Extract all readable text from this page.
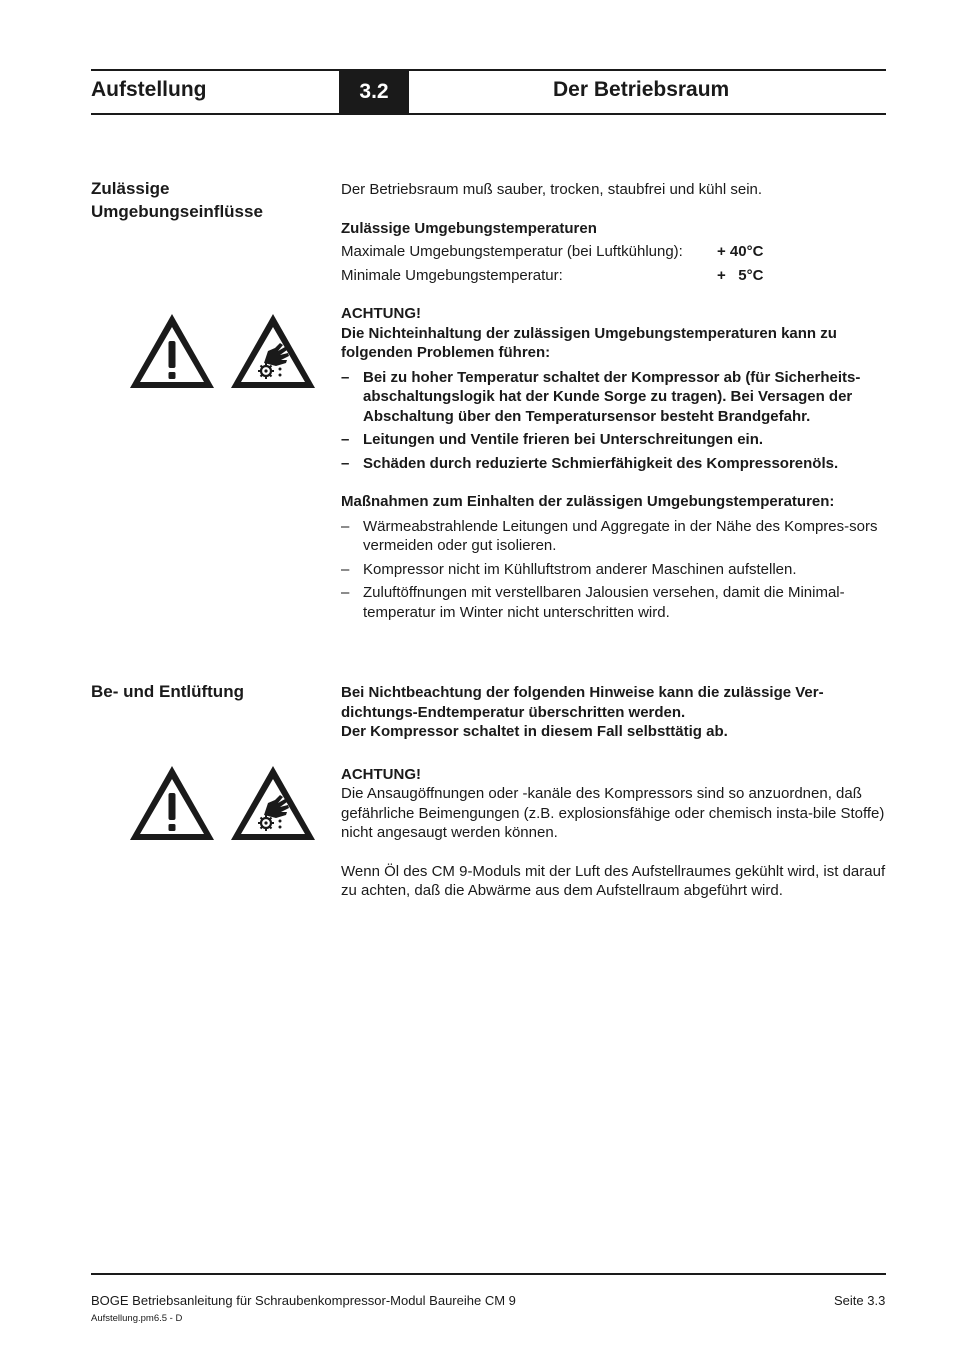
Aufstellung	3.2	Der Betriebsraum
Zulässige
Umgebungseinflüsse
Der Betriebsraum muß sauber, trocken, staubfrei und kühl sein.
Zulässige Umgebungstemperaturen
Maximale Umgebungstemperatur (bei Luftkühlung):	+ 40°C
Minimale Umgebungstemperatur:	+   5°C
ACHTUNG!
Die Nichteinhaltung der zulässigen Umgebungstemperaturen kann zu folgenden Problemen führen:
– Bei zu hoher Temperatur schaltet der Kompressor ab (für Sicherheits-abschaltungslogik hat der Kunde Sorge zu tragen). Bei Versagen der Abschaltung über den Temperatursensor besteht Brandgefahr.
– Leitungen und Ventile frieren bei Unterschreitungen ein.
– Schäden durch reduzierte Schmierfähigkeit des Kompressorenöls.
Maßnahmen zum Einhalten der zulässigen Umgebungstemperaturen:
– Wärmeabstrahlende Leitungen und Aggregate in der Nähe des Kompres-sors vermeiden oder gut isolieren.
– Kompressor nicht im Kühlluftstrom anderer Maschinen aufstellen.
– Zuluftöffnungen mit verstellbaren Jalousien versehen, damit die Minimal-temperatur im Winter nicht unterschritten wird.
Be- und Entlüftung	Bei Nichtbeachtung der folgenden Hinweise kann die zulässige Ver-dichtungs-Endtemperatur überschritten werden.
Der Kompressor schaltet in diesem Fall selbsttätig ab.
ACHTUNG!
Die Ansaugöffnungen oder -kanäle des Kompressors sind so anzuordnen, daß gefährliche Beimengungen (z.B. explosionsfähige oder chemisch insta-bile Stoffe) nicht angesaugt werden können.
Wenn Öl des CM 9-Moduls mit der Luft des Aufstellraumes gekühlt wird, ist darauf zu achten, daß die Abwärme aus dem Aufstellraum abgeführt wird.
BOGE Betriebsanleitung für Schraubenkompressor-Modul Baureihe CM 9	Seite 3.3
Aufstellung.pm6.5 - D
